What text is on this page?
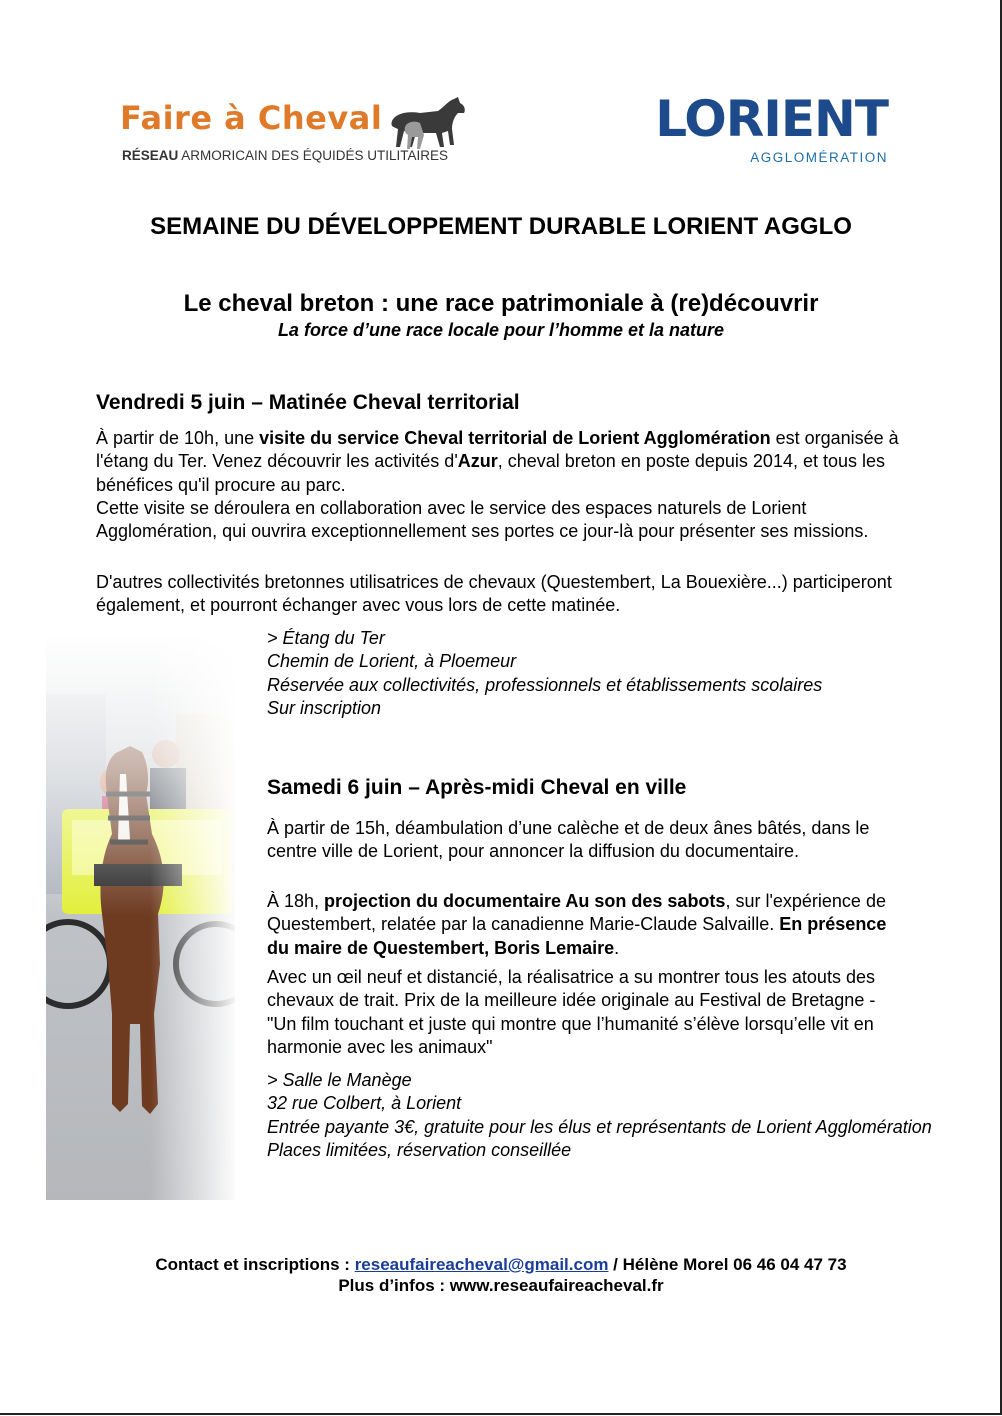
Faire à Cheval
RÉSEAU ARMORICAIN DES ÉQUIDÉS UTILITAIRES
LORIENT
AGGLOMÉRATION
SEMAINE DU DÉVELOPPEMENT DURABLE LORIENT AGGLO
Le cheval breton : une race patrimoniale à (re)découvrir
La force d’une race locale pour l’homme et la nature
Vendredi 5 juin – Matinée Cheval territorial

À partir de 10h, une visite du service Cheval territorial de Lorient Agglomération est organisée à l'étang du Ter. Venez découvrir les activités d'Azur, cheval breton en poste depuis 2014, et tous les bénéfices qu'il procure au parc.

Cette visite se déroulera en collaboration avec le service des espaces naturels de Lorient Agglomération, qui ouvrira exceptionnellement ses portes ce jour-là pour présenter ses missions.

D'autres collectivités bretonnes utilisatrices de chevaux (Questembert, La Bouexière...) participeront également, et pourront échanger avec vous lors de cette matinée.

> Étang du Ter
Chemin de Lorient, à Ploemeur
Réservée aux collectivités, professionnels et établissements scolaires
Sur inscription
Samedi 6 juin – Après-midi Cheval en ville

À partir de 15h, déambulation d’une calèche et de deux ânes bâtés, dans le centre ville de Lorient, pour annoncer la diffusion du documentaire.

À 18h, projection du documentaire Au son des sabots, sur l'expérience de Questembert, relatée par la canadienne Marie-Claude Salvaille. En présence du maire de Questembert, Boris Lemaire.

Avec un œil neuf et distancié, la réalisatrice a su montrer tous les atouts des chevaux de trait. Prix de la meilleure idée originale au Festival de Bretagne - "Un film touchant et juste qui montre que l’humanité s’élève lorsqu’elle vit en harmonie avec les animaux"

> Salle le Manège
32 rue Colbert, à Lorient
Entrée payante 3€, gratuite pour les élus et représentants de Lorient Agglomération
Places limitées, réservation conseillée
Contact et inscriptions : reseaufaireacheval@gmail.com / Hélène Morel 06 46 04 47 73
Plus d’infos : www.reseaufaireacheval.fr
